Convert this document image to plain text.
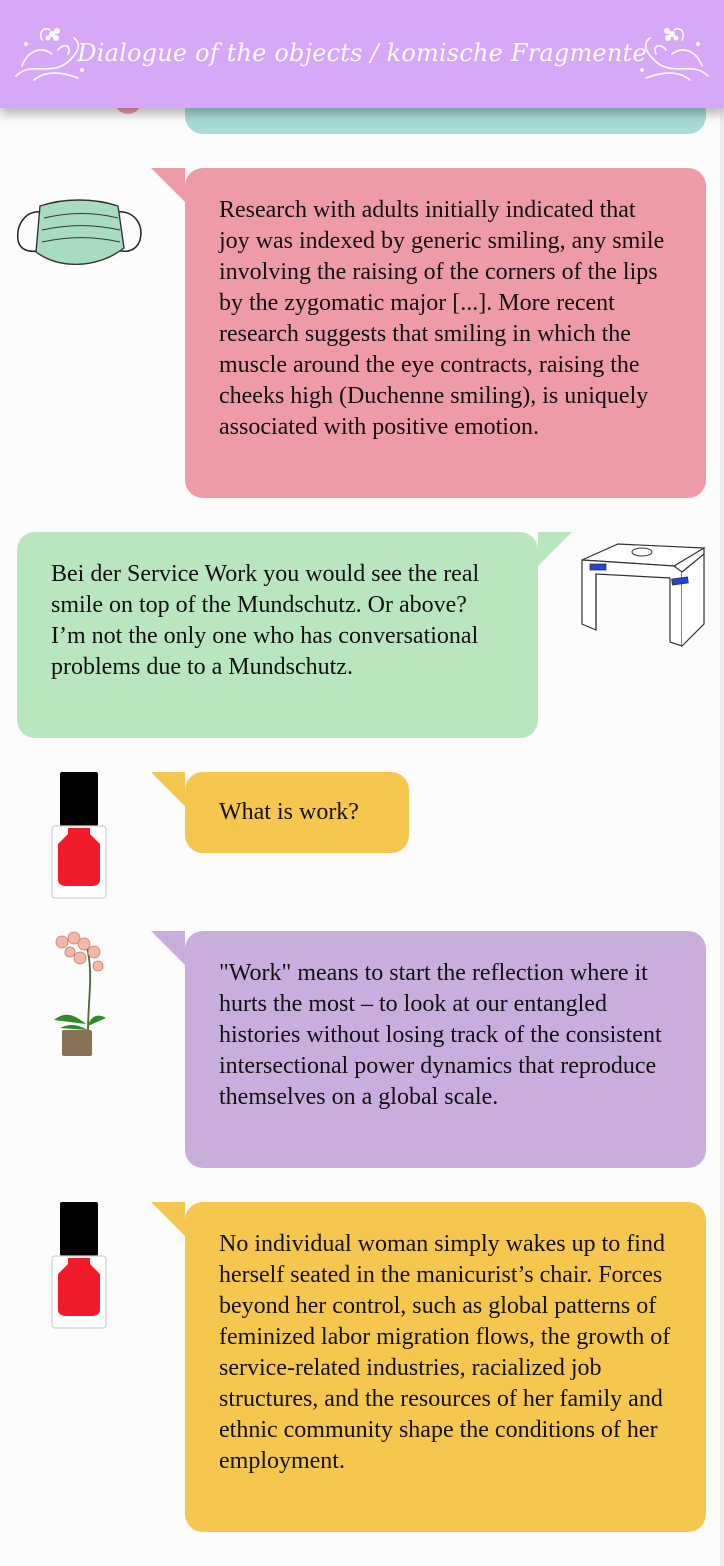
Dialogue of the objects / komische Fragmente
Research with adults initially indicated that joy was indexed by generic smiling, any smile involving the raising of the corners of the lips by the zygomatic major [...]. More recent research suggests that smiling in which the muscle around the eye contracts, raising the cheeks high (Duchenne smiling), is uniquely associated with positive emotion.
Bei der Service Work you would see the real smile on top of the Mundschutz. Or above? I’m not the only one who has conversational problems due to a Mundschutz.
What is work?
"Work" means to start the reflection where it hurts the most – to look at our entangled histories without losing track of the consistent intersectional power dynamics that reproduce themselves on a global scale.
No individual woman simply wakes up to find herself seated in the manicurist’s chair. Forces beyond her control, such as global patterns of feminized labor migration flows, the growth of service-related industries, racialized job structures, and the resources of her family and ethnic community shape the conditions of her employment.
